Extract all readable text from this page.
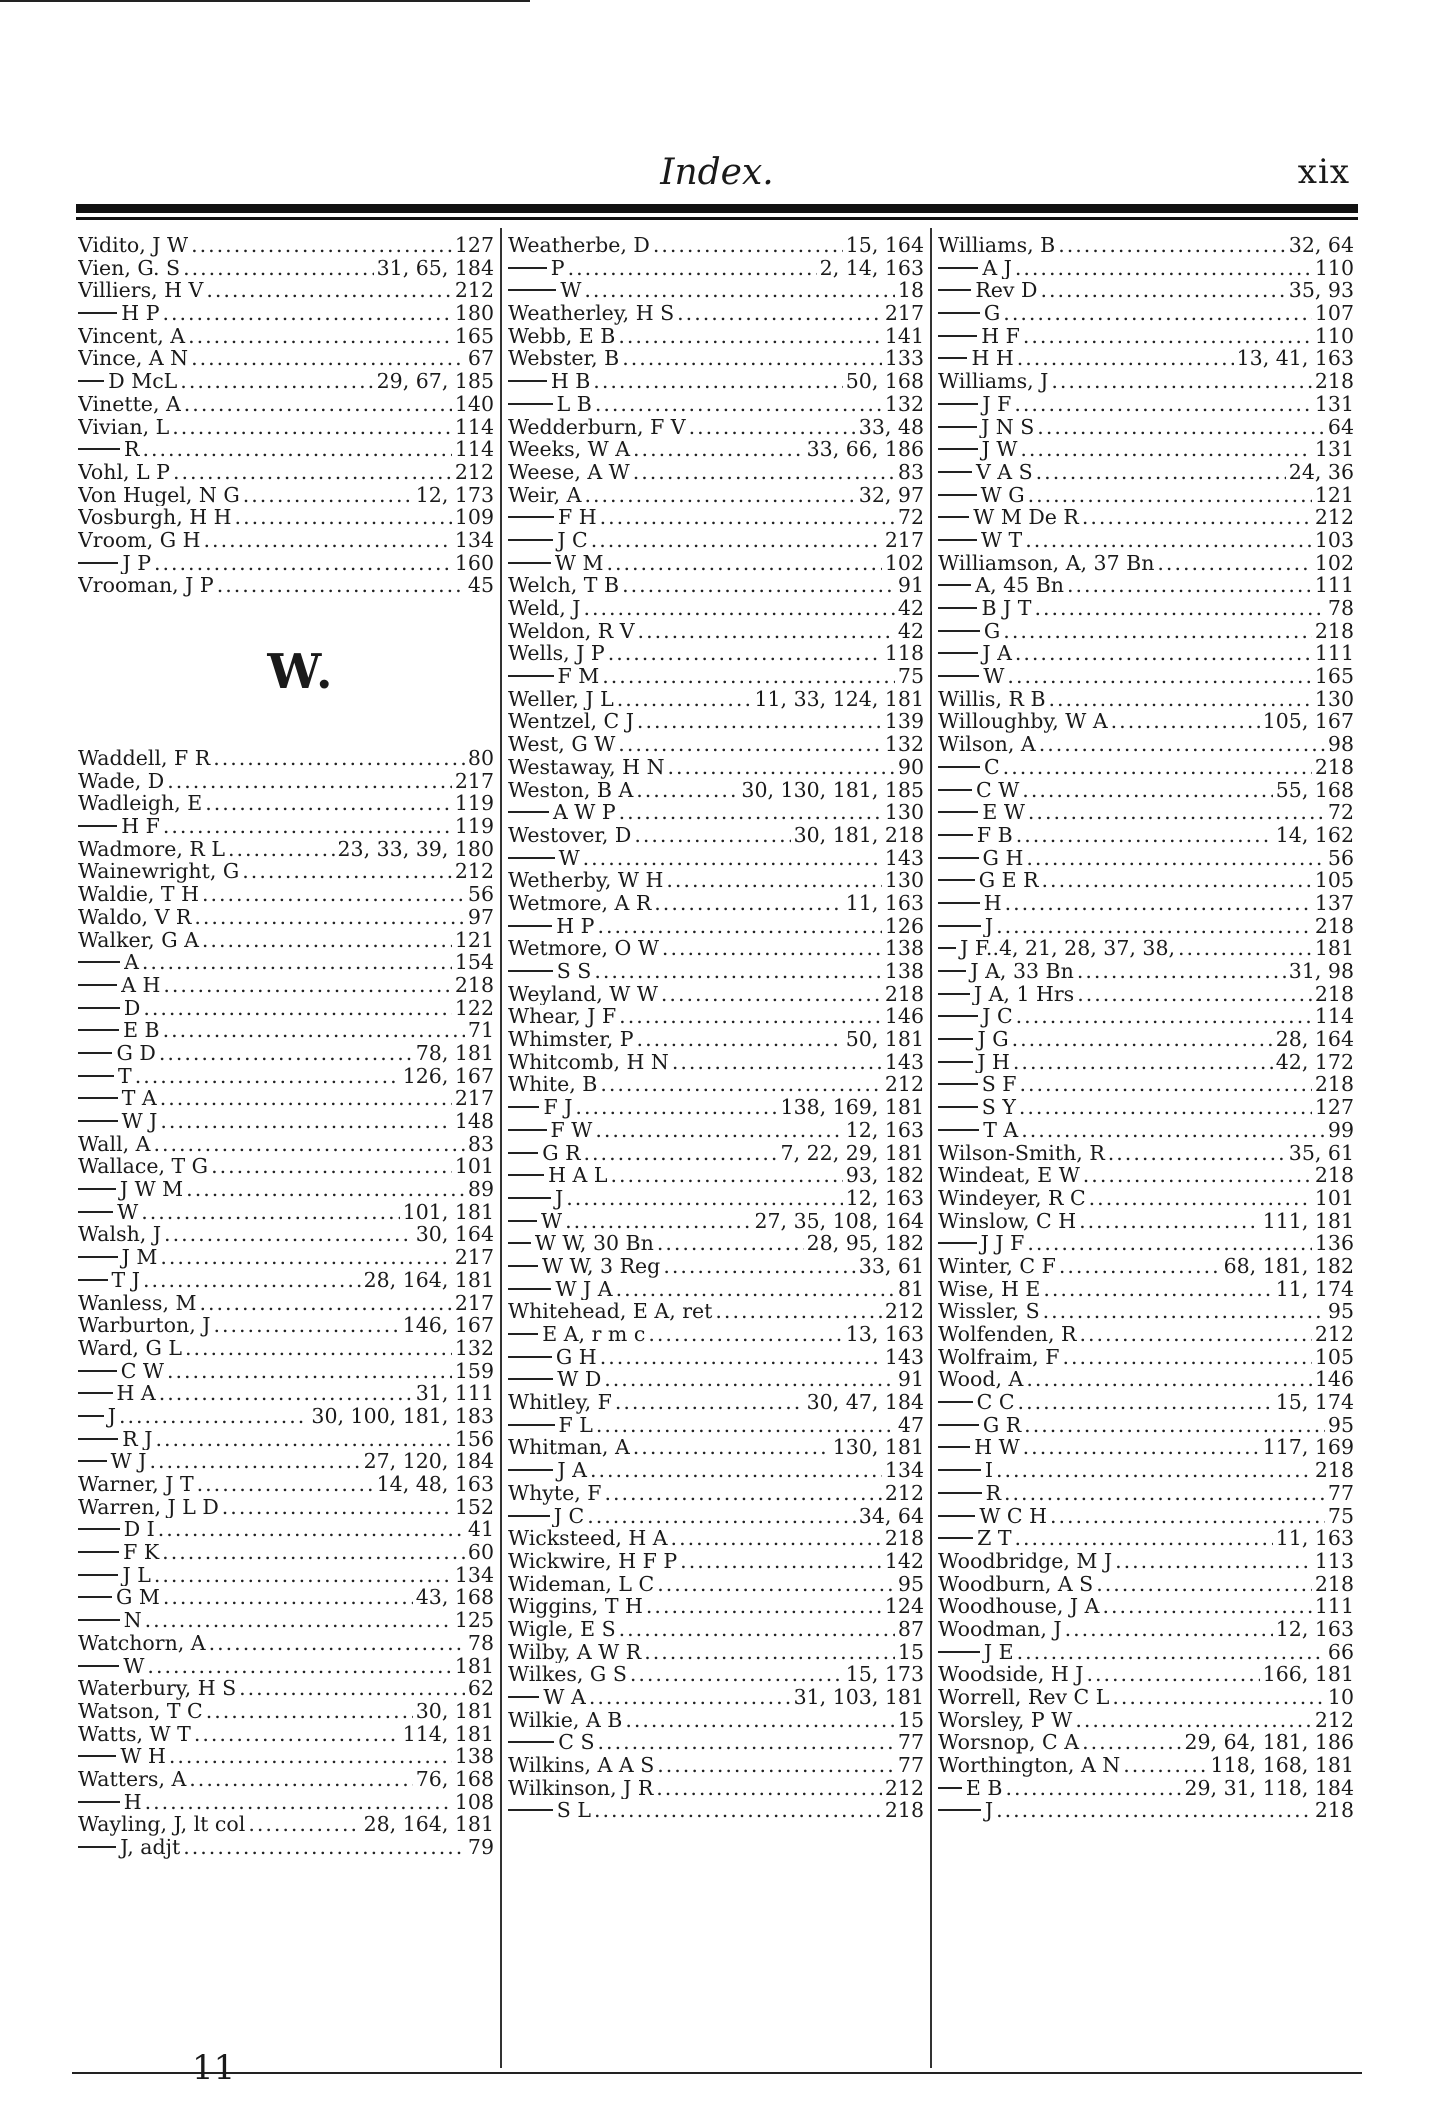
Index.	xix
Vidito, J W .....	127
Vien, G. S .....	31, 65, 184
Villiers, H V .....	212
H P .....	180
Vincent, A .....	165
Vince, A N .....	67
D McL .....	29, 67, 185
Vinette, A .....	140
Vivian, L .....	114
R .....	114
Vohl, L P .....	212
Von Hugel, N G .....	12, 173
Vosburgh, H H .....	109
Vroom, G H .....	134
J P .....	160
Vrooman, J P .....	45
W.
Waddell, F R .....	80
Wade, D .....	217
Wadleigh, E .....	119
H F .....	119
Wadmore, R L .....	23, 33, 39, 180
Wainewright, G .....	212
Waldie, T H .....	56
Waldo, V R .....	97
Walker, G A .....	121
A .....	154
A H .....	218
D .....	122
E B .....	71
G D .....	78, 181
T .....	126, 167
T A .....	217
W J .....	148
Wall, A .....	83
Wallace, T G .....	101
J W M .....	89
W .....	101, 181
Walsh, J .....	30, 164
J M .....	217
T J .....	28, 164, 181
Wanless, M .....	217
Warburton, J .....	146, 167
Ward, G L .....	132
C W .....	159
H A .....	31, 111
J .....	30, 100, 181, 183
R J .....	156
W J .....	27, 120, 184
Warner, J T .....	14, 48, 163
Warren, J L D .....	152
D I .....	41
F K .....	60
J L .....	134
G M .....	43, 168
N .....	125
Watchorn, A .....	78
W .....	181
Waterbury, H S .....	62
Watson, T C .....	30, 181
Watts, W T .....	114, 181
W H .....	138
Watters, A .....	76, 168
H .....	108
Wayling, J, lt col .....	28, 164, 181
J, adjt .....	79
Weatherbe, D .....	15, 164
P .....	2, 14, 163
W .....	18
Weatherley, H S .....	217
Webb, E B .....	141
Webster, B .....	133
H B .....	50, 168
L B .....	132
Wedderburn, F V .....	33, 48
Weeks, W A .....	33, 66, 186
Weese, A W .....	83
Weir, A .....	32, 97
F H .....	72
J C .....	217
W M .....	102
Welch, T B .....	91
Weld, J .....	42
Weldon, R V .....	42
Wells, J P .....	118
F M .....	75
Weller, J L .....	11, 33, 124, 181
Wentzel, C J .....	139
West, G W .....	132
Westaway, H N .....	90
Weston, B A .....	30, 130, 181, 185
A W P .....	130
Westover, D .....	30, 181, 218
W .....	143
Wetherby, W H .....	130
Wetmore, A R .....	11, 163
H P .....	126
Wetmore, O W .....	138
S S .....	138
Weyland, W W .....	218
Whear, J F .....	146
Whimster, P .....	50, 181
Whitcomb, H N .....	143
White, B .....	212
F J .....	138, 169, 181
F W .....	12, 163
G R .....	7, 22, 29, 181
H A L .....	93, 182
J .....	12, 163
W .....	27, 35, 108, 164
W W, 30 Bn .....	28, 95, 182
W W, 3 Reg .....	33, 61
W J A .....	81
Whitehead, E A, ret .....	212
E A, r m c .....	13, 163
G H .....	143
W D .....	91
Whitley, F .....	30, 47, 184
F L .....	47
Whitman, A .....	130, 181
J A .....	134
Whyte, F .....	212
J C .....	34, 64
Wicksteed, H A .....	218
Wickwire, H F P .....	142
Wideman, L C .....	95
Wiggins, T H .....	124
Wigle, E S .....	87
Wilby, A W R .....	15
Wilkes, G S .....	15, 173
W A .....	31, 103, 181
Wilkie, A B .....	15
C S .....	77
Wilkins, A A S .....	77
Wilkinson, J R .....	212
S L .....	218
Williams, B .....	32, 64
A J .....	110
Rev D .....	35, 93
G .....	107
H F .....	110
H H .....	13, 41, 163
Williams, J .....	218
J F .....	131
J N S .....	64
J W .....	131
V A S .....	24, 36
W G .....	121
W M De R .....	212
W T .....	103
Williamson, A, 37 Bn .....	102
A, 45 Bn .....	111
B J T .....	78
G .....	218
J A .....	111
W .....	165
Willis, R B .....	130
Willoughby, W A .....	105, 167
Wilson, A .....	98
C .....	218
C W .....	55, 168
E W .....	72
F B .....	14, 162
G H .....	56
G E R .....	105
H .....	137
J .....	218
J F..4, 21, 28, 37, 38, .....	181
J A, 33 Bn .....	31, 98
J A, 1 Hrs .....	218
J C .....	114
J G .....	28, 164
J H .....	42, 172
S F .....	218
S Y .....	127
T A .....	99
Wilson-Smith, R .....	35, 61
Windeat, E W .....	218
Windeyer, R C .....	101
Winslow, C H .....	111, 181
J J F .....	136
Winter, C F .....	68, 181, 182
Wise, H E .....	11, 174
Wissler, S .....	95
Wolfenden, R .....	212
Wolfraim, F .....	105
Wood, A .....	146
C C .....	15, 174
G R .....	95
H W .....	117, 169
I .....	218
R .....	77
W C H .....	75
Z T .....	11, 163
Woodbridge, M J .....	113
Woodburn, A S .....	218
Woodhouse, J A .....	111
Woodman, J .....	12, 163
J E .....	66
Woodside, H J .....	166, 181
Worrell, Rev C L .....	10
Worsley, P W .....	212
Worsnop, C A .....	29, 64, 181, 186
Worthington, A N .....	118, 168, 181
E B .....	29, 31, 118, 184
J .....	218
11
